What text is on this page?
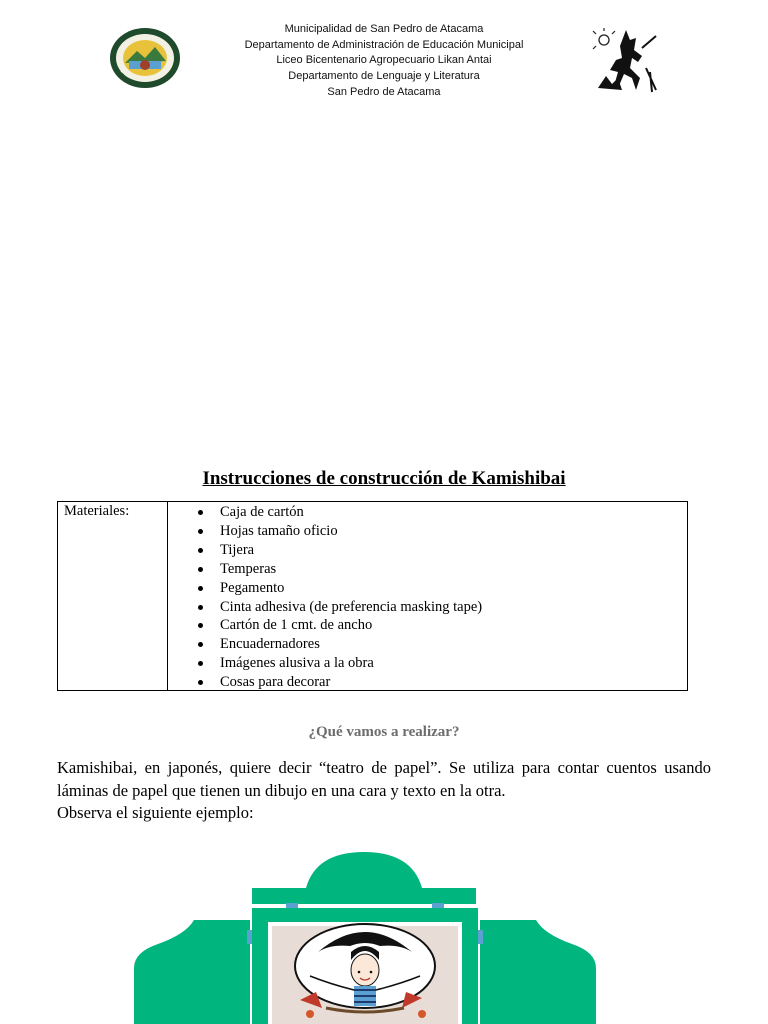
Municipalidad de San Pedro de Atacama
Departamento de Administración de Educación Municipal
Liceo Bicentenario Agropecuario Likan Antai
Departamento de Lenguaje y Literatura
San Pedro de Atacama
Instrucciones de construcción de Kamishibai
Materiales:	Caja de cartón
Hojas tamaño oficio
Tijera
Temperas
Pegamento
Cinta adhesiva (de preferencia masking tape)
Cartón de 1 cmt. de ancho
Encuadernadores
Imágenes alusiva a la obra
Cosas para decorar
¿Qué vamos a realizar?

Kamishibai, en japonés, quiere decir “teatro de papel”. Se utiliza para contar cuentos usando láminas de papel que tienen un dibujo en una cara y texto en la otra.

Observa el siguiente ejemplo:
